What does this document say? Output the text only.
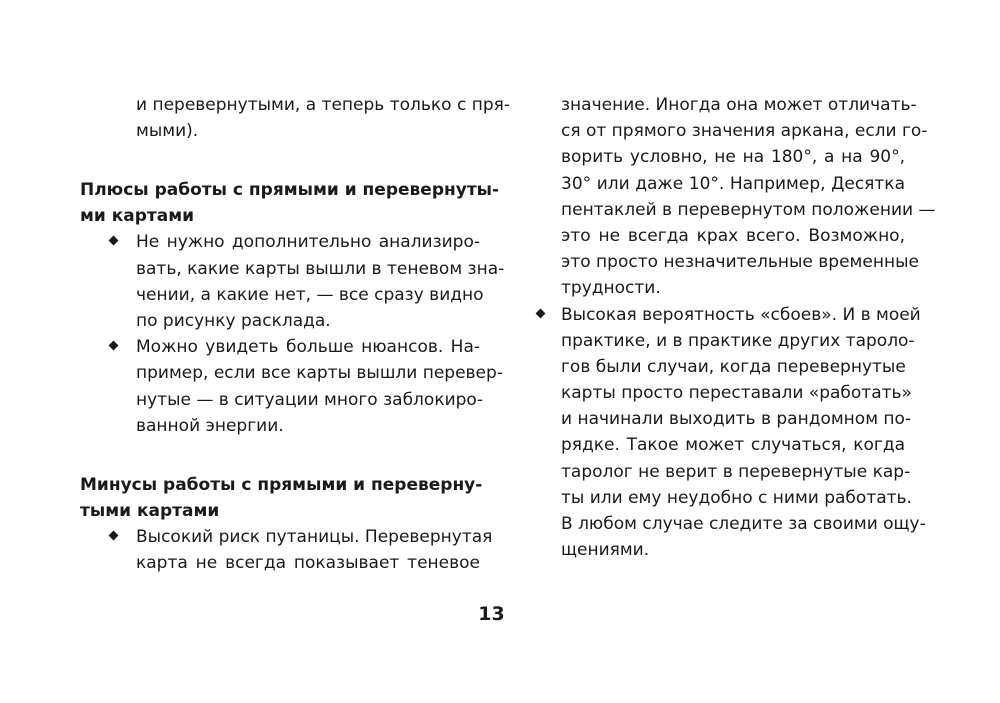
и перевернутыми, а теперь только с пря-
мыми).
Плюсы работы с прямыми и перевернуты-
ми картами
Не нужно дополнительно анализиро-
вать, какие карты вышли в теневом зна-
чении, а какие нет, — все сразу видно
по рисунку расклада.
Можно увидеть больше нюансов. На-
пример, если все карты вышли перевер-
нутые — в ситуации много заблокиро-
ванной энергии.
Минусы работы с прямыми и переверну-
тыми картами
Высокий риск путаницы. Перевернутая
карта не всегда показывает теневое
значение. Иногда она может отличать-
ся от прямого значения аркана, если го-
ворить условно, не на 180°, а на 90°,
30° или даже 10°. Например, Десятка
пентаклей в перевернутом положении —
это не всегда крах всего. Возможно,
это просто незначительные временные
трудности.
Высокая вероятность «сбоев». И в моей
практике, и в практике других тароло-
гов были случаи, когда перевернутые
карты просто переставали «работать»
и начинали выходить в рандомном по-
рядке. Такое может случаться, когда
таролог не верит в перевернутые кар-
ты или ему неудобно с ними работать.
В любом случае следите за своими ощу-
щениями.
13
